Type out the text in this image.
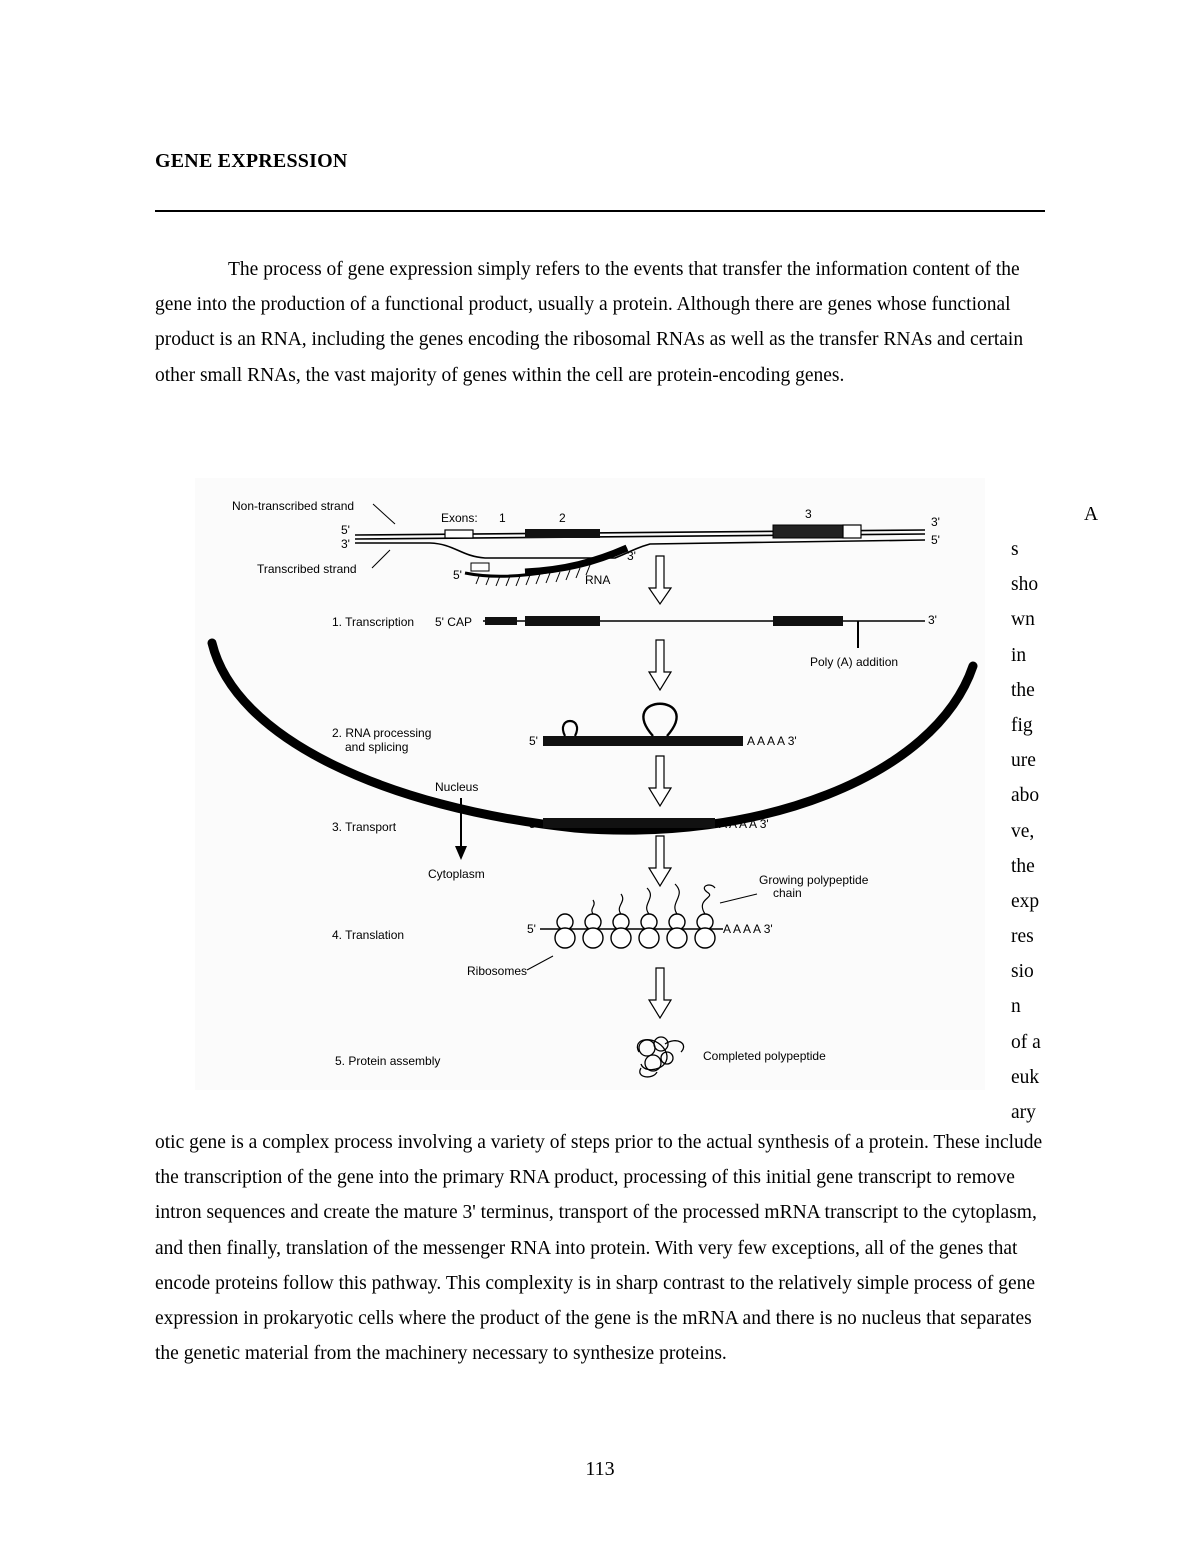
GENE EXPRESSION

The process of gene expression simply refers to the events that transfer the information content of the gene into the production of a functional product, usually a protein. Although there are genes whose functional product is an RNA, including the genes encoding the ribosomal RNAs as well as the transfer RNAs and certain other small RNAs, the vast majority of genes within the cell are protein-encoding genes.

Non-transcribed strand
5'
3'
Exons: 1	2	3
3'
5'
Transcribed strand	5'
3'
RNA
1. Transcription 5' CAP	3'
Poly (A) addition
2. RNA processing
and splicing	5'	A A A A 3'
Nucleus
3. Transport	5'	A A A A 3'
Cytoplasm	Growing polypeptide
chain
4. Translation	5'	A A A A 3'
Ribosomes
5. Protein assembly	Completed polypeptide
A
s
sho
wn
in
the
fig
ure
abo
ve,
the
exp
res
sio
n
of a
euk
ary

otic gene is a complex process involving a variety of steps prior to the actual synthesis of a protein. These include the transcription of the gene into the primary RNA product, processing of this initial gene transcript to remove intron sequences and create the mature 3' terminus, transport of the processed mRNA transcript to the cytoplasm, and then finally, translation of the messenger RNA into protein. With very few exceptions, all of the genes that encode proteins follow this pathway. This complexity is in sharp contrast to the relatively simple process of gene expression in prokaryotic cells where the product of the gene is the mRNA and there is no nucleus that separates the genetic material from the machinery necessary to synthesize proteins.

113
